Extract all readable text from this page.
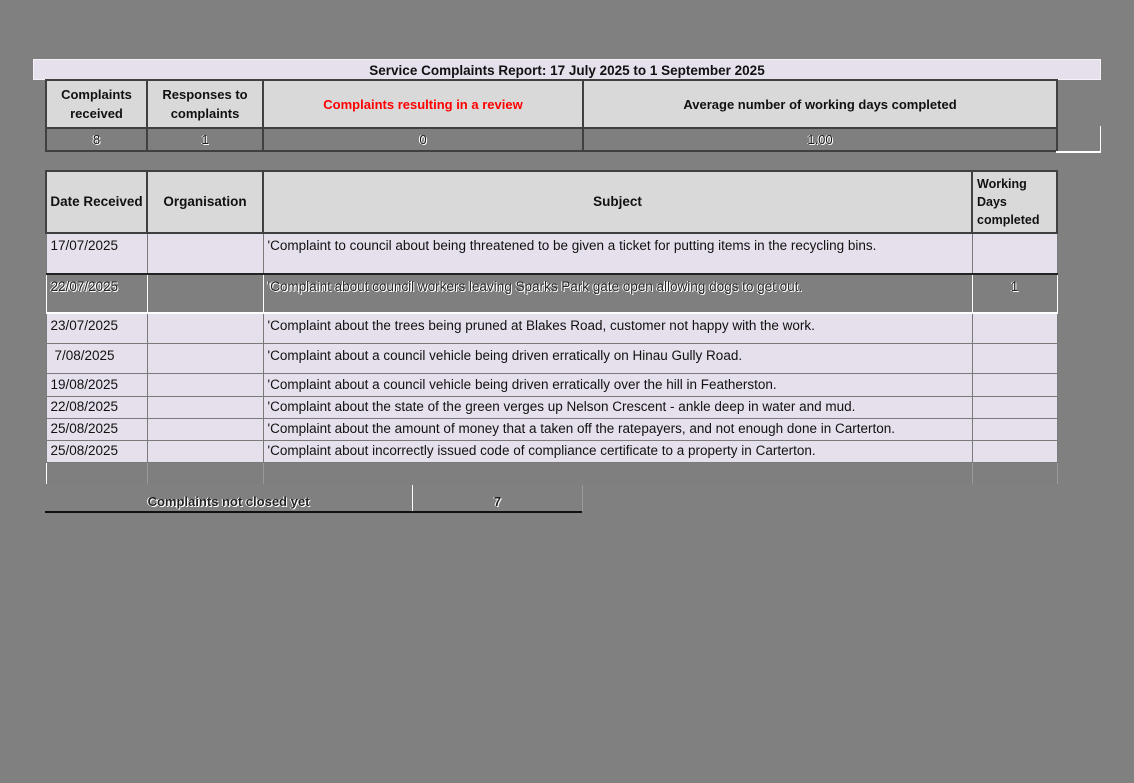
Service Complaints Report: 17 July 2025 to 1 September 2025
Complaints received	Responses to complaints	Complaints resulting in a review	Average number of working days completed
8	1	0	1.00
Date Received	Organisation	Subject	Working Days completed
17/07/2025		'Complaint to council about being threatened to be given a ticket for putting items in the recycling bins.	
22/07/2025		'Complaint about council workers leaving Sparks Park gate open allowing dogs to get out.	1
23/07/2025		'Complaint about the trees being pruned at Blakes Road, customer not happy with the work.	
7/08/2025		'Complaint about a council vehicle being driven erratically on Hinau Gully Road.	
19/08/2025		'Complaint about a council vehicle being driven erratically over the hill in Featherston.	
22/08/2025		'Complaint about the state of the green verges up Nelson Crescent - ankle deep in water and mud.	
25/08/2025		'Complaint about the amount of money that a taken off the ratepayers, and not enough done in Carterton.	
25/08/2025		'Complaint about incorrectly issued code of compliance certificate to a property in Carterton.	

Complaints not closed yet	7
